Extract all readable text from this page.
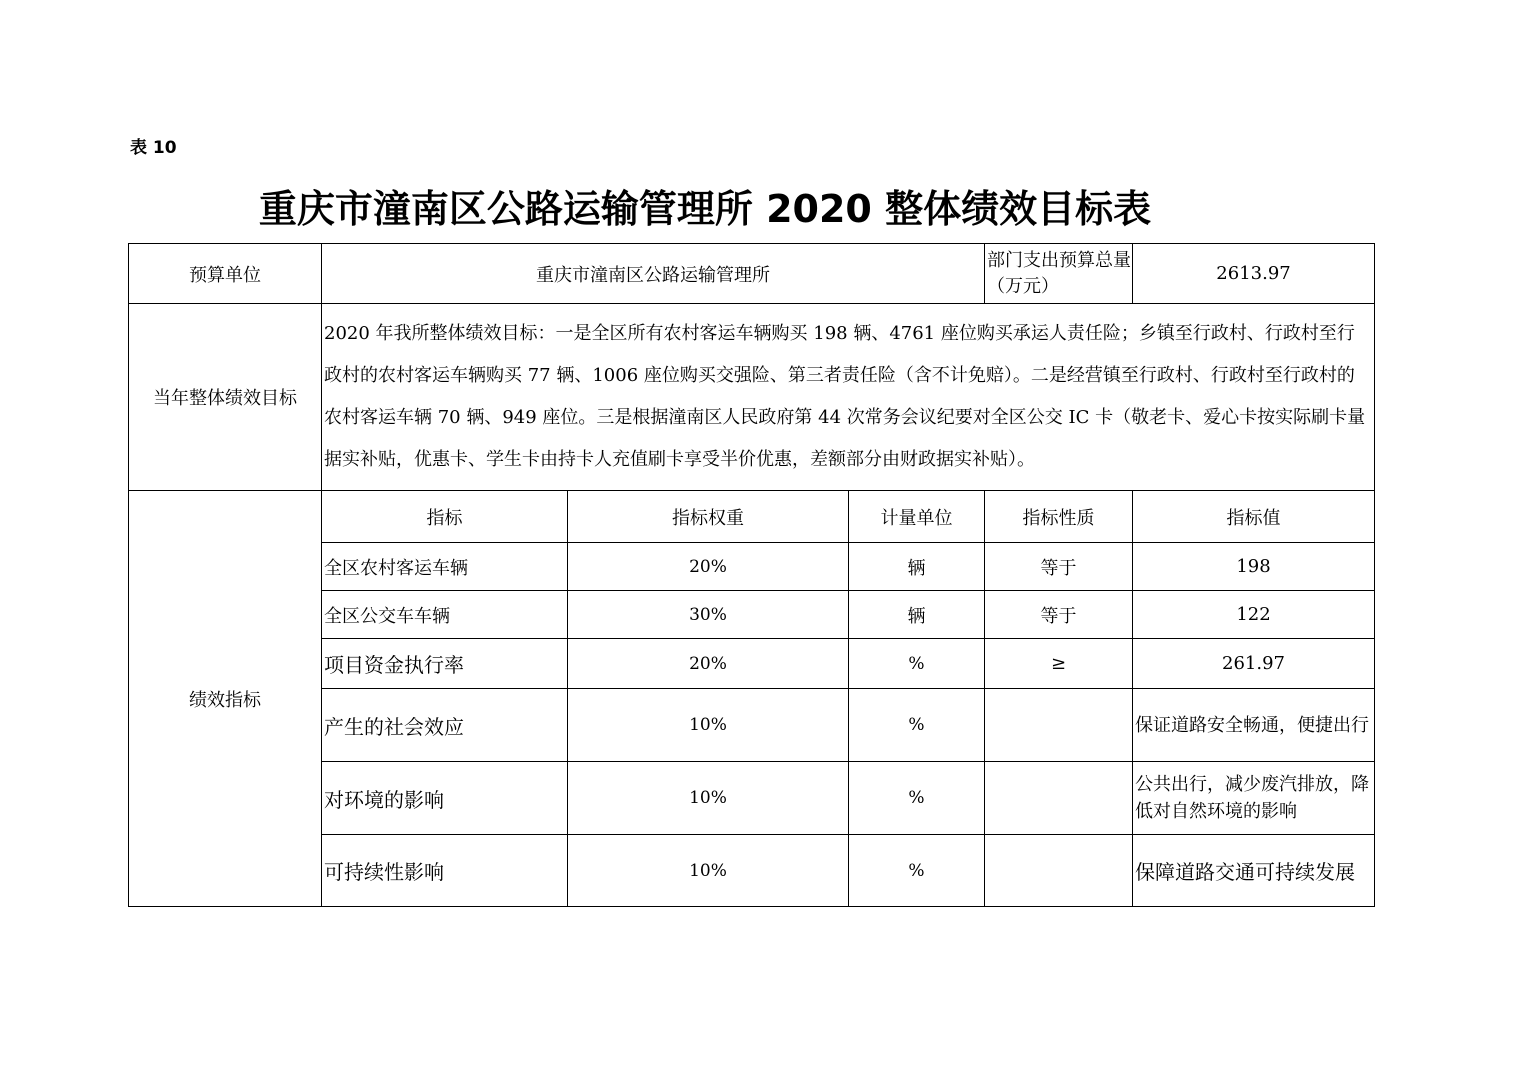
表 10
重庆市潼南区公路运输管理所 2020 整体绩效目标表
预算单位	重庆市潼南区公路运输管理所			部门支出预算总量（万元）	2613.97
当年整体绩效目标	2020 年我所整体绩效目标：一是全区所有农村客运车辆购买 198 辆、4761 座位购买承运人责任险；乡镇至行政村、行政村至行政村的农村客运车辆购买 77 辆、1006 座位购买交强险、第三者责任险（含不计免赔）。二是经营镇至行政村、行政村至行政村的农村客运车辆 70 辆、949 座位。三是根据潼南区人民政府第 44 次常务会议纪要对全区公交 IC 卡（敬老卡、爱心卡按实际刷卡量据实补贴，优惠卡、学生卡由持卡人充值刷卡享受半价优惠，差额部分由财政据实补贴）。				
绩效指标	指标	指标权重	计量单位	指标性质	指标值
	全区农村客运车辆	20%	辆	等于	198
	全区公交车车辆	30%	辆	等于	122
	项目资金执行率	20%	%	≥	261.97
	产生的社会效应	10%	%		保证道路安全畅通，便捷出行
	对环境的影响	10%	%		公共出行，减少废汽排放，降低对自然环境的影响
	可持续性影响	10%	%		保障道路交通可持续发展
